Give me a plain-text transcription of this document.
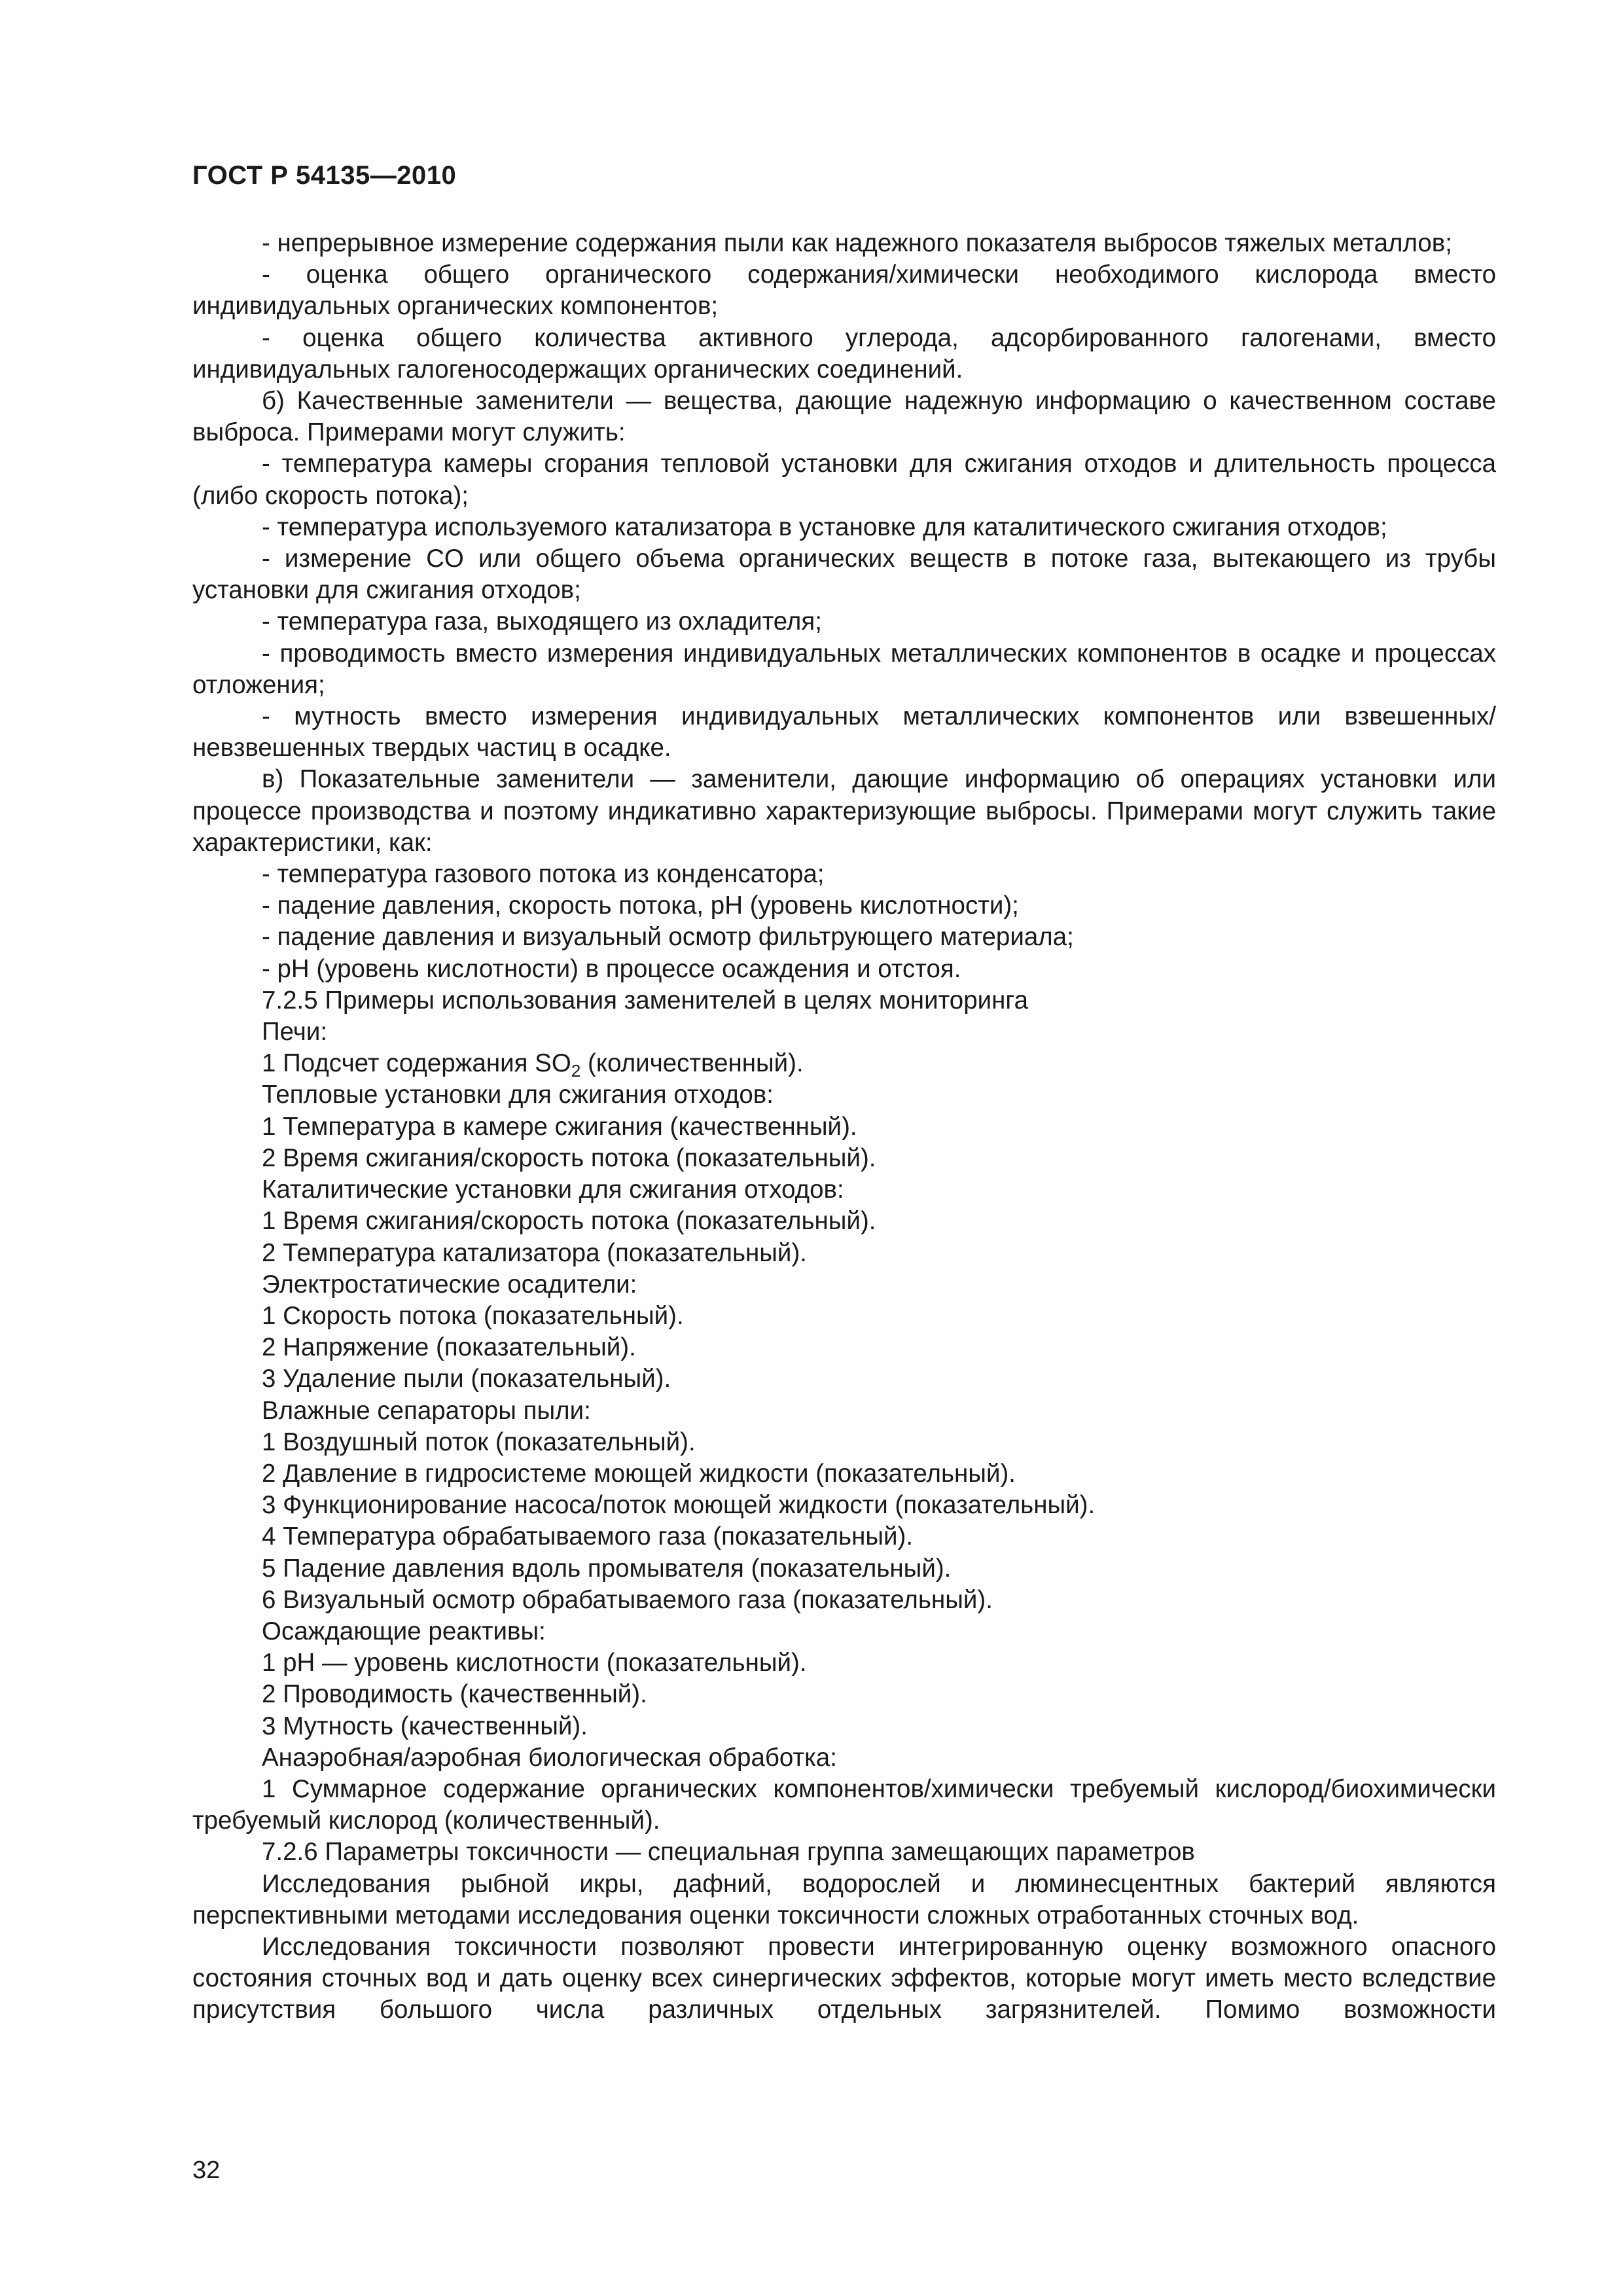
ГОСТ Р 54135—2010

- непрерывное измерение содержания пыли как надежного показателя выбросов тяжелых металлов;

- оценка общего органического содержания/химически необходимого кислорода вместо индивидуальных органических компонентов;

- оценка общего количества активного углерода, адсорбированного галогенами, вместо индивидуальных галогеносодержащих органических соединений.

б) Качественные заменители — вещества, дающие надежную информацию о качественном составе выброса. Примерами могут служить:

- температура камеры сгорания тепловой установки для сжигания отходов и длительность процесса (либо скорость потока);

- температура используемого катализатора в установке для каталитического сжигания отходов;

- измерение CO или общего объема органических веществ в потоке газа, вытекающего из трубы установки для сжигания отходов;

- температура газа, выходящего из охладителя;

- проводимость вместо измерения индивидуальных металлических компонентов в осадке и процессах отложения;

- мутность вместо измерения индивидуальных металлических компонентов или взвешенных/невзвешенных твердых частиц в осадке.

в) Показательные заменители — заменители, дающие информацию об операциях установки или процессе производства и поэтому индикативно характеризующие выбросы. Примерами могут служить такие характеристики, как:

- температура газового потока из конденсатора;

- падение давления, скорость потока, pH (уровень кислотности);

- падение давления и визуальный осмотр фильтрующего материала;

- pH (уровень кислотности) в процессе осаждения и отстоя.

7.2.5 Примеры использования заменителей в целях мониторинга

Печи:

1 Подсчет содержания $SO_2$ (количественный).

Тепловые установки для сжигания отходов:

1 Температура в камере сжигания (качественный).

2 Время сжигания/скорость потока (показательный).

Каталитические установки для сжигания отходов:

1 Время сжигания/скорость потока (показательный).

2 Температура катализатора (показательный).

Электростатические осадители:

1 Скорость потока (показательный).

2 Напряжение (показательный).

3 Удаление пыли (показательный).

Влажные сепараторы пыли:

1 Воздушный поток (показательный).

2 Давление в гидросистеме моющей жидкости (показательный).

3 Функционирование насоса/поток моющей жидкости (показательный).

4 Температура обрабатываемого газа (показательный).

5 Падение давления вдоль промывателя (показательный).

6 Визуальный осмотр обрабатываемого газа (показательный).

Осаждающие реактивы:

1 pH — уровень кислотности (показательный).

2 Проводимость (качественный).

3 Мутность (качественный).

Анаэробная/аэробная биологическая обработка:

1 Суммарное содержание органических компонентов/химически требуемый кислород/биохимически требуемый кислород (количественный).

7.2.6 Параметры токсичности — специальная группа замещающих параметров

Исследования рыбной икры, дафний, водорослей и люминесцентных бактерий являются перспективными методами исследования оценки токсичности сложных отработанных сточных вод.

Исследования токсичности позволяют провести интегрированную оценку возможного опасного состояния сточных вод и дать оценку всех синергических эффектов, которые могут иметь место вследствие присутствия большого числа различных отдельных загрязнителей. Помимо возможности

32
